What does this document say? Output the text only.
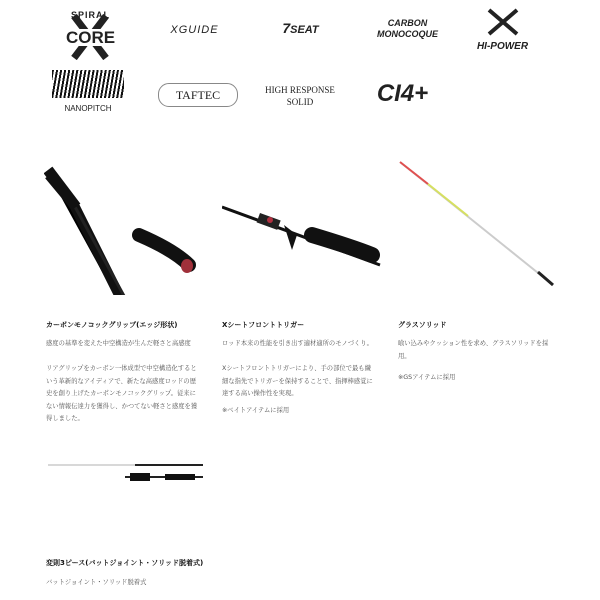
SPIRAL
CORE	XGUIDE	7SEAT
CARBON
MONOCOQUE
HI-POWER
NANOPITCH
TAFTEC	HIGH RESPONSE
SOLID	CI4+
カーボンモノコックグリップ(エッジ形状)
感度の基準を変えた中空構造が生んだ軽さと高感度
リアグリップをカーボン一体成型で中空構造化するという革新的なアイディアで、新たな高感度ロッドの歴史を創り上げたカーボンモノコックグリップ。従来にない情報伝達力を獲得し、かつてない軽さと感度を獲得しました。
Xシートフロントトリガー
ロッド本来の性能を引き出す適材適所のモノづくり。
Xシートフロントトリガーにより、手の部位で最も繊細な指先でトリガーを保持することで、指揮棒感覚に達する高い操作性を実現。
※ベイトアイテムに採用
グラスソリッド
喰い込みやクッション性を求め、グラスソリッドを採用。
※GSアイテムに採用
変則3ピース(バットジョイント・ソリッド脱着式)
バットジョイント・ソリッド脱着式
